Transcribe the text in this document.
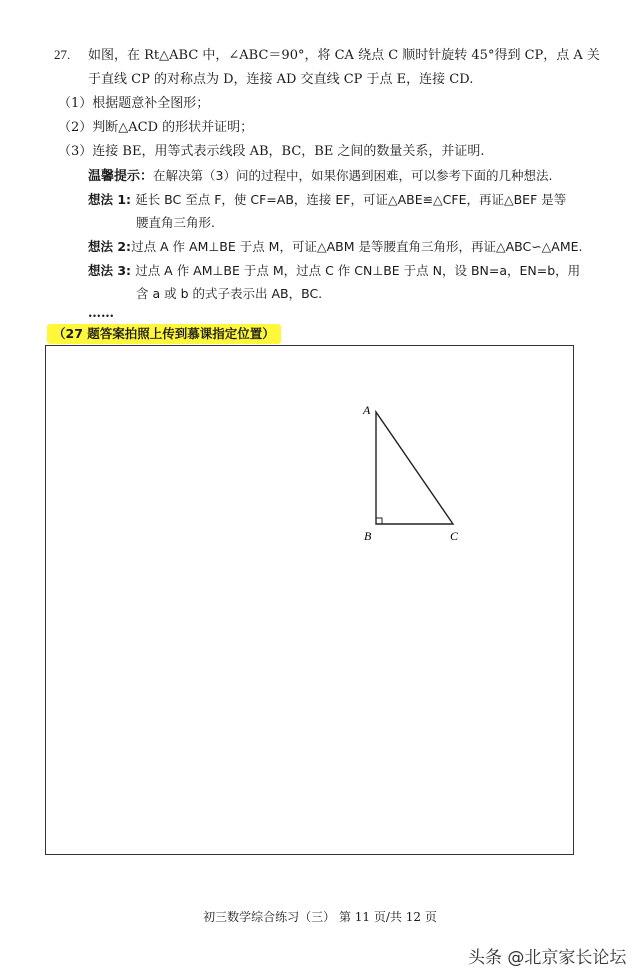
27. 如图，在 Rt△ABC 中，∠ABC＝90°，将 CA 绕点 C 顺时针旋转 45°得到 CP，点 A 关
于直线 CP 的对称点为 D，连接 AD 交直线 CP 于点 E，连接 CD.
（1）根据题意补全图形；
（2）判断△ACD 的形状并证明；
（3）连接 BE，用等式表示线段 AB，BC，BE 之间的数量关系，并证明.
温馨提示：在解决第（3）问的过程中，如果你遇到困难，可以参考下面的几种想法.
想法 1: 延长 BC 至点 F，使 CF=AB，连接 EF，可证△ABE≌△CFE，再证△BEF 是等
腰直角三角形.
想法 2:过点 A 作 AM⊥BE 于点 M，可证△ABM 是等腰直角三角形，再证△ABC∽△AME.
想法 3: 过点 A 作 AM⊥BE 于点 M，过点 C 作 CN⊥BE 于点 N，设 BN=a，EN=b，用
含 a 或 b 的式子表示出 AB，BC.
……
（27 题答案拍照上传到慕课指定位置）
A
B	C
初三数学综合练习（三） 第 11 页/共 12 页
头条 @北京家长论坛
